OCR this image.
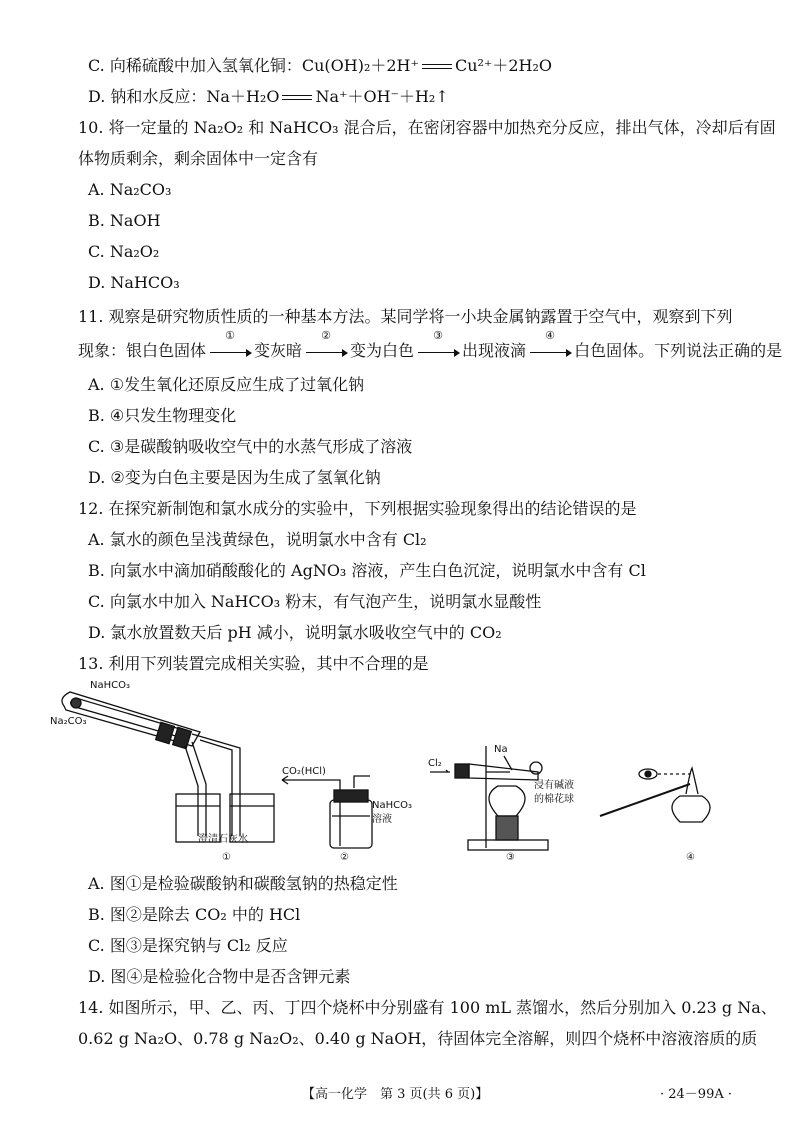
C. 向稀硫酸中加入氢氧化铜：Cu(OH)₂＋2H⁺ Cu²⁺＋2H₂O
D. 钠和水反应：Na＋H₂O Na⁺＋OH⁻＋H₂↑
10. 将一定量的 Na₂O₂ 和 NaHCO₃ 混合后，在密闭容器中加热充分反应，排出气体，冷却后有固
体物质剩余，剩余固体中一定含有
A. Na₂CO₃
B. NaOH
C. Na₂O₂
D. NaHCO₃
11. 观察是研究物质性质的一种基本方法。某同学将一小块金属钠露置于空气中，观察到下列
现象：银白色固体
①
变灰暗
②
变为白色
③
出现液滴
④
白色固体。下列说法正确的是
A. ①发生氧化还原反应生成了过氧化钠
B. ④只发生物理变化
C. ③是碳酸钠吸收空气中的水蒸气形成了溶液
D. ②变为白色主要是因为生成了氢氧化钠
12. 在探究新制饱和氯水成分的实验中，下列根据实验现象得出的结论错误的是
A. 氯水的颜色呈浅黄绿色，说明氯水中含有 Cl₂
B. 向氯水中滴加硝酸酸化的 AgNO₃ 溶液，产生白色沉淀，说明氯水中含有 Cl
C. 向氯水中加入 NaHCO₃ 粉末，有气泡产生，说明氯水显酸性
D. 氯水放置数天后 pH 减小，说明氯水吸收空气中的 CO₂
13. 利用下列装置完成相关实验，其中不合理的是
NaHCO₃
Na₂CO₃
澄清石灰水
①
CO₂(HCl)
NaHCO₃
溶液
②
Cl₂
Na
浸有碱液
的棉花球
③	④
A. 图①是检验碳酸钠和碳酸氢钠的热稳定性
B. 图②是除去 CO₂ 中的 HCl
C. 图③是探究钠与 Cl₂ 反应
D. 图④是检验化合物中是否含钾元素
14. 如图所示，甲、乙、丙、丁四个烧杯中分别盛有 100 mL 蒸馏水，然后分别加入 0.23 g Na、
0.62 g Na₂O、0.78 g Na₂O₂、0.40 g NaOH，待固体完全溶解，则四个烧杯中溶液溶质的质
【高一化学　第 3 页(共 6 页)】	· 24－99A ·
